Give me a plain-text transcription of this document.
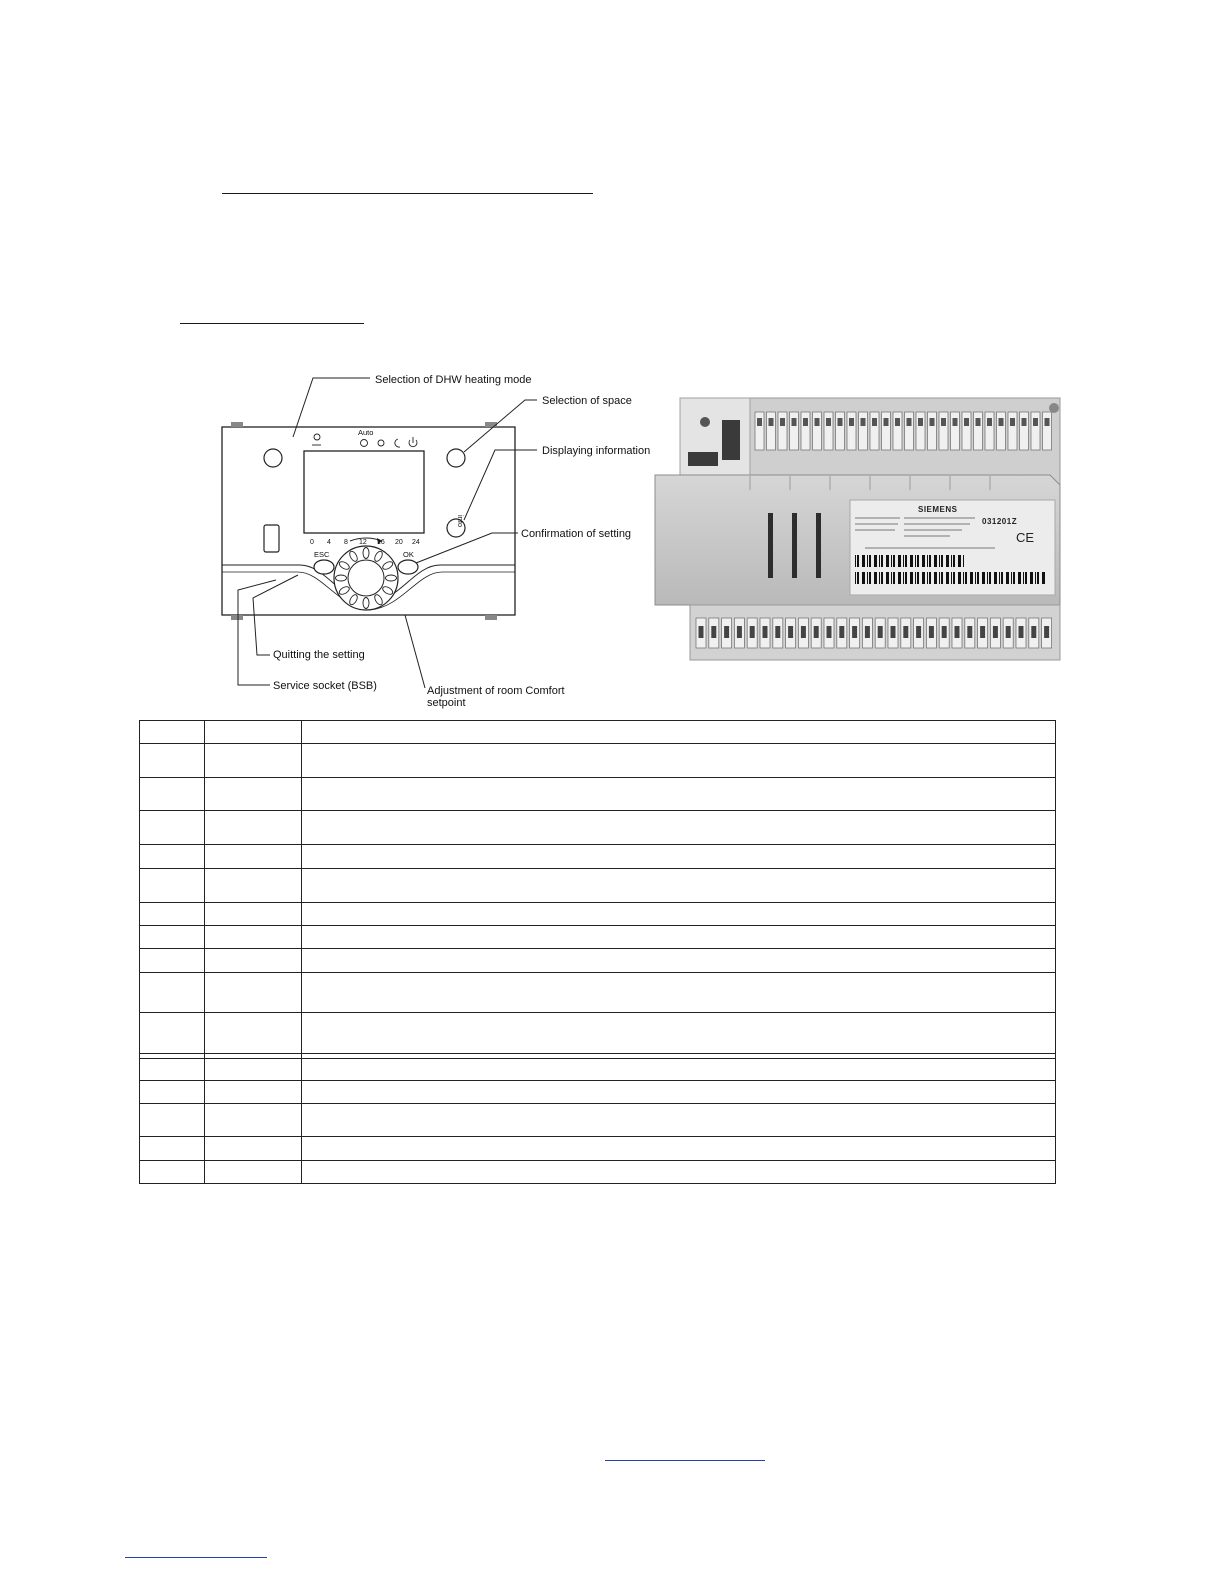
Auto
ESC	OK
info
0 4 8 12 16 20 24
Selection of DHW heating mode
Selection of space
Displaying information
Confirmation of setting
Quitting the setting
Service socket (BSB)	Adjustment of room Comfort
setpoint
SIEMENS
031201Z
CE
